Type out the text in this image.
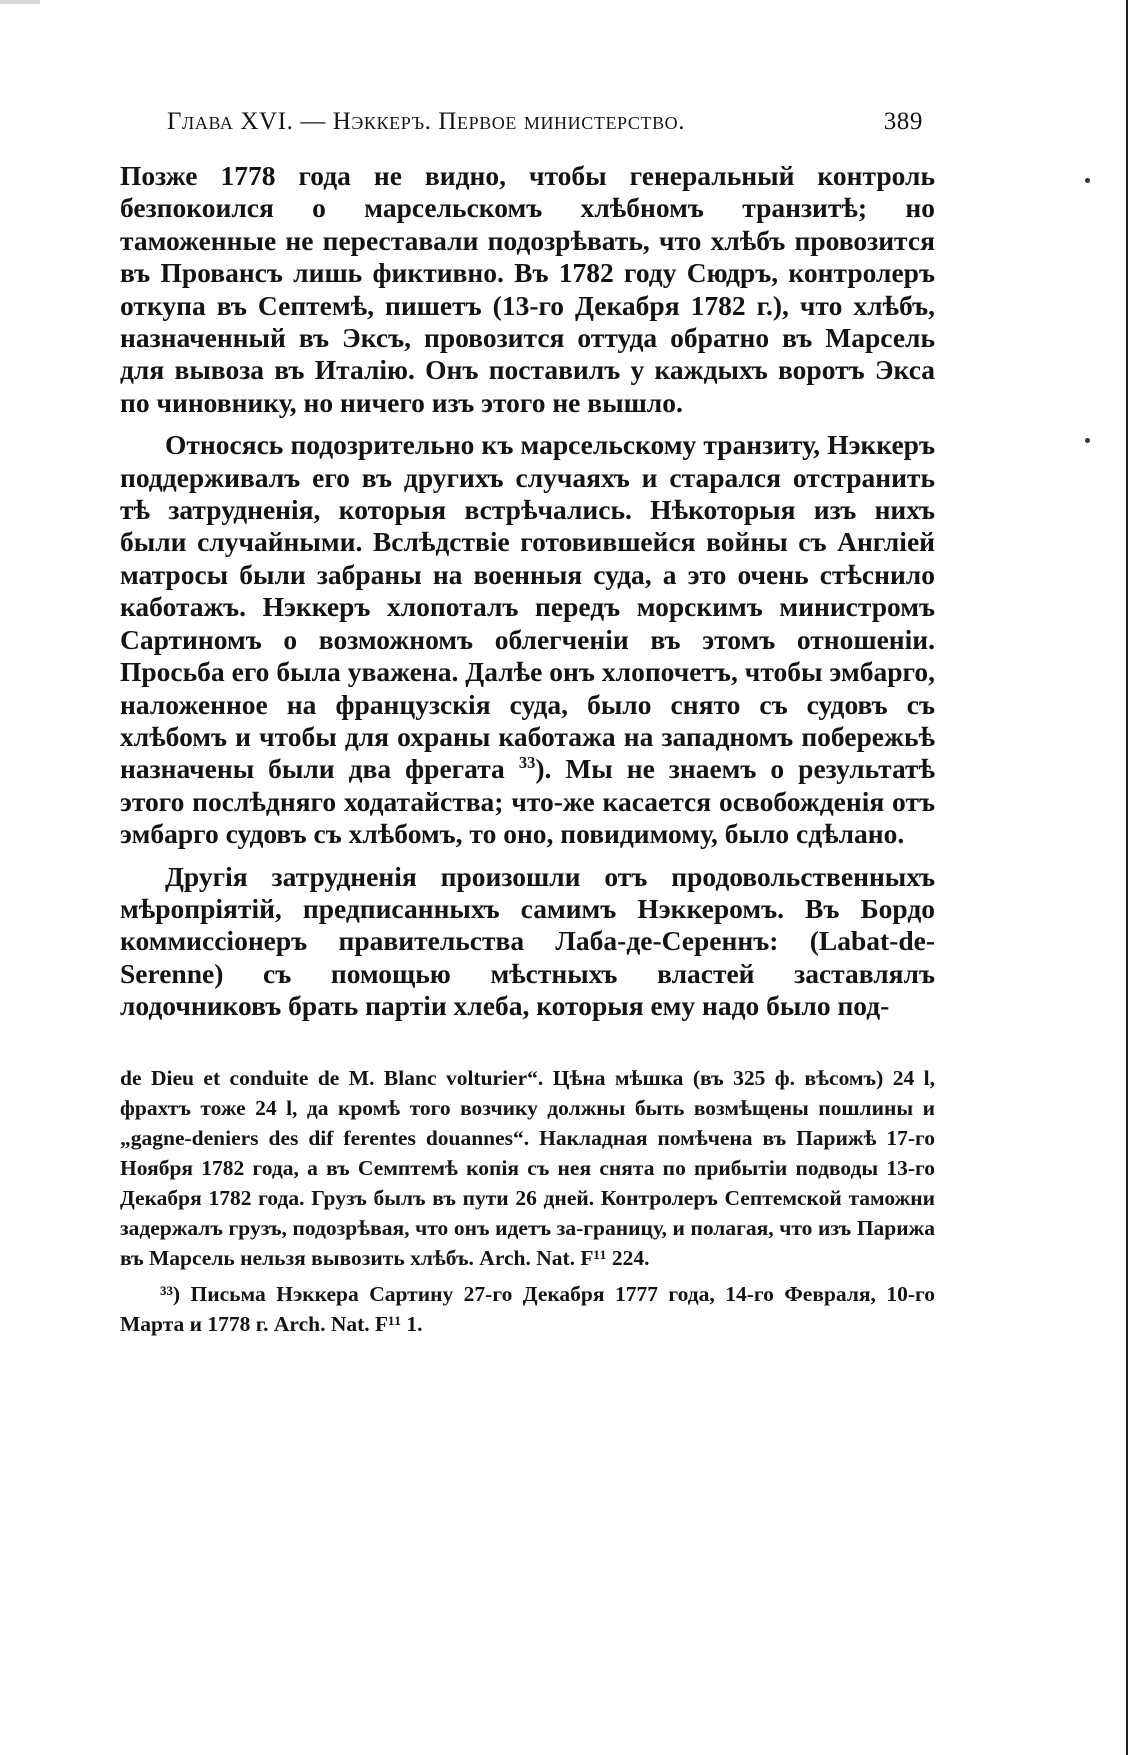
Глава XVI. — Нэккеръ. Первое министерство.	389

Позже 1778 года не видно, чтобы генеральный контроль безпокоился о марсельскомъ хлѣбномъ транзитѣ; но таможенные не переставали подозрѣвать, что хлѣбъ провозится въ Провансъ лишь фиктивно. Въ 1782 году Сюдръ, контролеръ откупа въ Септемѣ, пишетъ (13-го Декабря 1782 г.), что хлѣбъ, назначенный въ Эксъ, провозится оттуда обратно въ Марсель для вывоза въ Италію. Онъ поставилъ у каждыхъ воротъ Экса по чиновнику, но ничего изъ этого не вышло.

Относясь подозрительно къ марсельскому транзиту, Нэккеръ поддерживалъ его въ другихъ случаяхъ и старался отстранить тѣ затрудненія, которыя встрѣчались. Нѣкоторыя изъ нихъ были случайными. Вслѣдствіе готовившейся войны съ Англіей матросы были забраны на военныя суда, а это очень стѣснило каботажъ. Нэккеръ хлопоталъ передъ морскимъ министромъ Сартиномъ о возможномъ облегченіи въ этомъ отношеніи. Просьба его была уважена. Далѣе онъ хлопочетъ, чтобы эмбарго, наложенное на французскія суда, было снято съ судовъ съ хлѣбомъ и чтобы для охраны каботажа на западномъ побережьѣ назначены были два фрегата $^{33}$). Мы не знаемъ о результатѣ этого послѣдняго ходатайства; что-же касается освобожденія отъ эмбарго судовъ съ хлѣбомъ, то оно, повидимому, было сдѣлано.

Другія затрудненія произошли отъ продовольственныхъ мѣропріятій, предписанныхъ самимъ Нэккеромъ. Въ Бордо коммиссіонеръ правительства Лаба-де-Сереннъ: (Labat-de-Serenne) съ помощью мѣстныхъ властей заставлялъ лодочниковъ брать партіи хлеба, которыя ему надо было под-

de Dieu et conduite de M. Blanc volturier“. Цѣна мѣшка (въ 325 ф. вѣсомъ) 24 l, фрахтъ тоже 24 l, да кромѣ того возчику должны быть возмѣщены пошлины и „gagne-deniers des dif ferentes douannes“. Накладная помѣчена въ Парижѣ 17-го Ноября 1782 года, а въ Семптемѣ копія съ нея снята по прибытіи подводы 13-го Декабря 1782 года. Грузъ былъ въ пути 26 дней. Контролеръ Септемской таможни задержалъ грузъ, подозрѣвая, что онъ идетъ за-границу, и полагая, что изъ Парижа въ Марсель нельзя вывозить хлѣбъ. Arch. Nat. F¹¹ 224.

³³) Письма Нэккера Сартину 27-го Декабря 1777 года, 14-го Февраля, 10-го Марта и 1778 г. Arch. Nat. F¹¹ 1.
